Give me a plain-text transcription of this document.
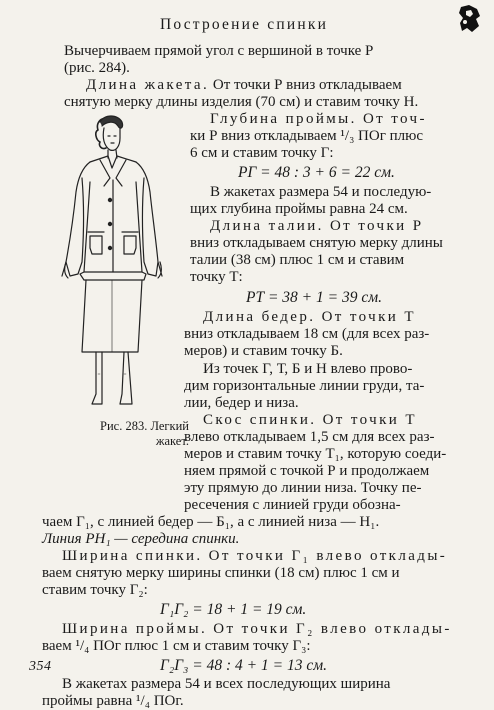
Построение спинки
Вычерчиваем прямой угол с вершиной в точке Р
(рис. 284).
Длина жакета. От точки Р вниз откладываем
снятую мерку длины изделия (70 см) и ставим точку Н.
Глубина проймы. От точ-
ки Р вниз откладываем ¹/₃ ПОг плюс
6 см и ставим точку Г:
РГ = 48 : 3 + 6 = 22 см.
В жакетах размера 54 и последую-
щих глубина проймы равна 24 см.
Длина талии. От точки Р
вниз откладываем снятую мерку длины
талии (38 см) плюс 1 см и ставим
точку Т:
РТ = 38 + 1 = 39 см.
Длина бедер. От точки Т
вниз откладываем 18 см (для всех раз-
меров) и ставим точку Б.
Из точек Г, Т, Б и Н влево прово-
дим горизонтальные линии груди, та-
лии, бедер и низа.
Скос спинки. От точки Т
влево откладываем 1,5 см для всех раз-
меров и ставим точку Т₁, которую соеди-
няем прямой с точкой Р и продолжаем
эту прямую до линии низа. Точку пе-
ресечения с линией груди обозна-
чаем Г₁, с линией бедер — Б₁, а с линией низа — Н₁.
Линия РН₁ — середина спинки.
Ширина спинки. От точки Г₁ влево отклады-
ваем снятую мерку ширины спинки (18 см) плюс 1 см и
ставим точку Г₂:
Г₁Г₂ = 18 + 1 = 19 см.
Ширина проймы. От точки Г₂ влево отклады-
ваем ¹/₄ ПОг плюс 1 см и ставим точку Г₃:
Г₂Г₃ = 48 : 4 + 1 = 13 см.
В жакетах размера 54 и всех последующих ширина
проймы равна ¹/₄ ПОг.
Рис. 283. Легкий
жакет.
354
